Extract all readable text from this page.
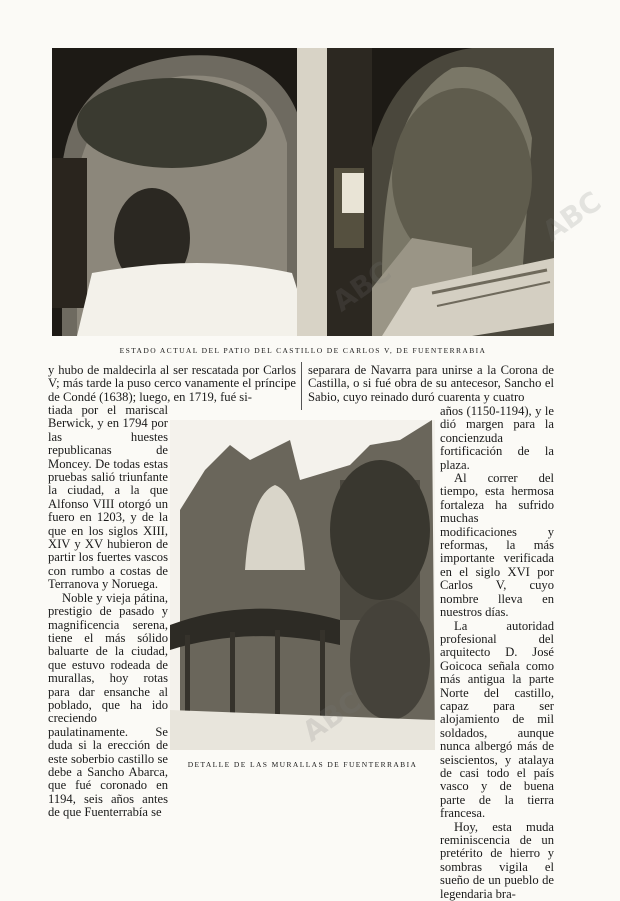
ESTADO ACTUAL DEL PATIO DEL CASTILLO DE CARLOS V, DE FUENTERRABIA

y hubo de maldecirla al ser rescatada por Carlos V; más tarde la puso cerco vanamente el príncipe de Condé (1638); luego, en 1719, fué si-

tiada por el mariscal Berwick, y en 1794 por las huestes republicanas de Moncey. De todas estas pruebas salió triunfante la ciudad, a la que Alfonso VIII otorgó un fuero en 1203, y de la que en los siglos XIII, XIV y XV hubieron de partir los fuertes vascos con rumbo a costas de Terranova y Noruega.

Noble y vieja pátina, prestigio de pasado y magnificencia serena, tiene el más sólido baluarte de la ciudad, que estuvo rodeada de murallas, hoy rotas para dar ensanche al poblado, que ha ido creciendo paulatinamente. Se duda si la erección de este soberbio castillo se debe a Sancho Abarca, que fué coronado en 1194, seis años antes de que Fuenterrabía se

separara de Navarra para unirse a la Corona de Castilla, o si fué obra de su antecesor, Sancho el Sabio, cuyo reinado duró cuarenta y cuatro

años (1150-1194), y le dió margen para la concienzuda fortificación de la plaza.

Al correr del tiempo, esta hermosa fortaleza ha sufrido muchas modificaciones y reformas, la más importante verificada en el siglo XVI por Carlos V, cuyo nombre lleva en nuestros días.

La autoridad profesional del arquitecto D. José Goicoca señala como más antigua la parte Norte del castillo, capaz para ser alojamiento de mil soldados, aunque nunca albergó más de seiscientos, y atalaya de casi todo el país vasco y de buena parte de la tierra francesa.

Hoy, esta muda reminiscencia de un pretérito de hierro y sombras vigila el sueño de un pueblo de legendaria bra-

DETALLE DE LAS MURALLAS DE FUENTERRABIA
ABC
